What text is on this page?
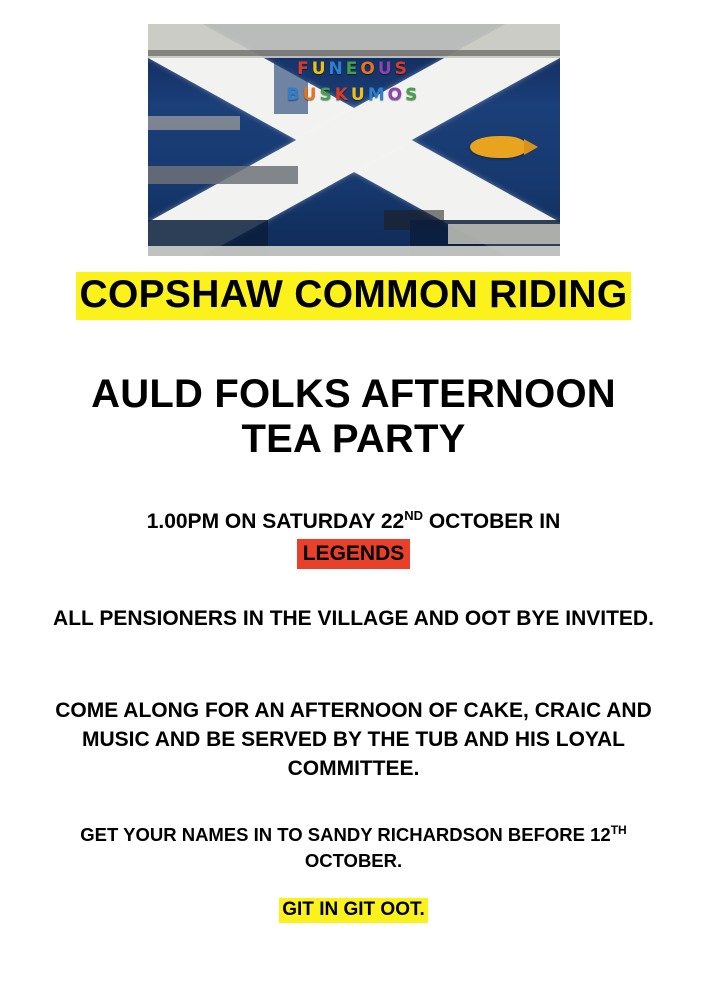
F U N E O U S
B U S K U M O S
COPSHAW COMMON RIDING
AULD FOLKS AFTERNOON
TEA PARTY
1.00PM ON SATURDAY 22ND OCTOBER IN
LEGENDS
ALL PENSIONERS IN THE VILLAGE AND OOT BYE INVITED.
COME ALONG FOR AN AFTERNOON OF CAKE, CRAIC AND MUSIC AND BE SERVED BY THE TUB AND HIS LOYAL COMMITTEE.
GET YOUR NAMES IN TO SANDY RICHARDSON BEFORE 12TH OCTOBER.
GIT IN GIT OOT.
